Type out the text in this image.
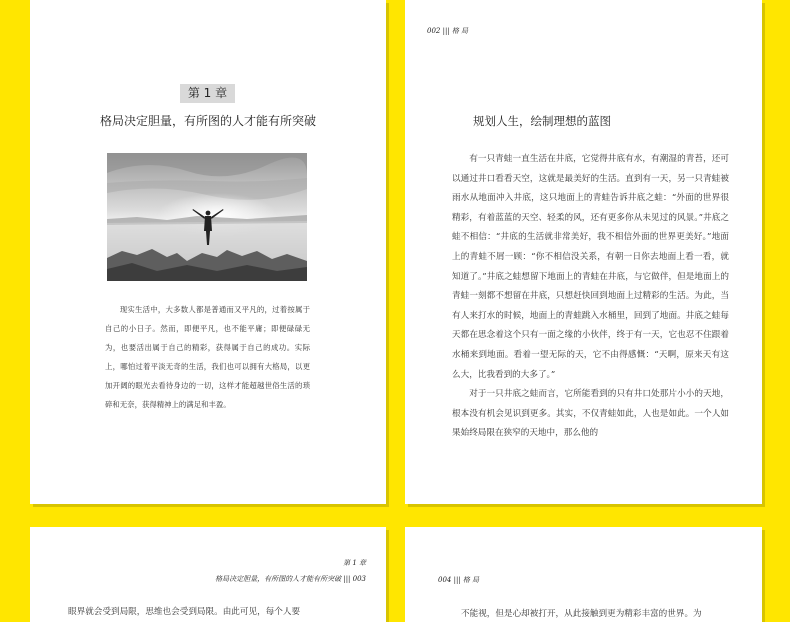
第 1 章
格局决定胆量，有所图的人才能有所突破

现实生活中，大多数人都是普通而又平凡的，过着按属于自己的小日子。然而，即便平凡，也不能平庸；即便碌碌无为，也要活出属于自己的精彩，获得属于自己的成功。实际上，哪怕过着平淡无奇的生活，我们也可以拥有大格局，以更加开阔的眼光去看待身边的一切，这样才能超越世俗生活的琐碎和无奈，获得精神上的满足和丰盈。

002 ||| 格 局
规划人生，绘制理想的蓝图

有一只青蛙一直生活在井底，它觉得井底有水，有潮湿的青苔，还可以通过井口看看天空，这就是最美好的生活。直到有一天，另一只青蛙被雨水从地面冲入井底，这只地面上的青蛙告诉井底之蛙：“外面的世界很精彩，有着蓝蓝的天空、轻柔的风，还有更多你从未见过的风景。”井底之蛙不相信：“井底的生活就非常美好，我不相信外面的世界更美好。”地面上的青蛙不屑一顾：“你不相信没关系，有朝一日你去地面上看一看，就知道了。”井底之蛙想留下地面上的青蛙在井底，与它做伴，但是地面上的青蛙一刻都不想留在井底，只想赶快回到地面上过精彩的生活。为此，当有人来打水的时候，地面上的青蛙跳入水桶里，回到了地面。井底之蛙每天都在思念着这个只有一面之缘的小伙伴，终于有一天，它也忍不住跟着水桶来到地面。看着一望无际的天，它不由得感慨：“天啊，原来天有这么大，比我看到的大多了。”

对于一只井底之蛙而言，它所能看到的只有井口处那片小小的天地，根本没有机会见识到更多。其实，不仅青蛙如此，人也是如此。一个人如果始终局限在狭窄的天地中，那么他的

第 1 章
格局决定胆量，有所图的人才能有所突破 ||| 003
眼界就会受到局限，思维也会受到局限。由此可见，每个人要
004 ||| 格 局
不能视，但是心却被打开，从此接触到更为精彩丰富的世界。为
